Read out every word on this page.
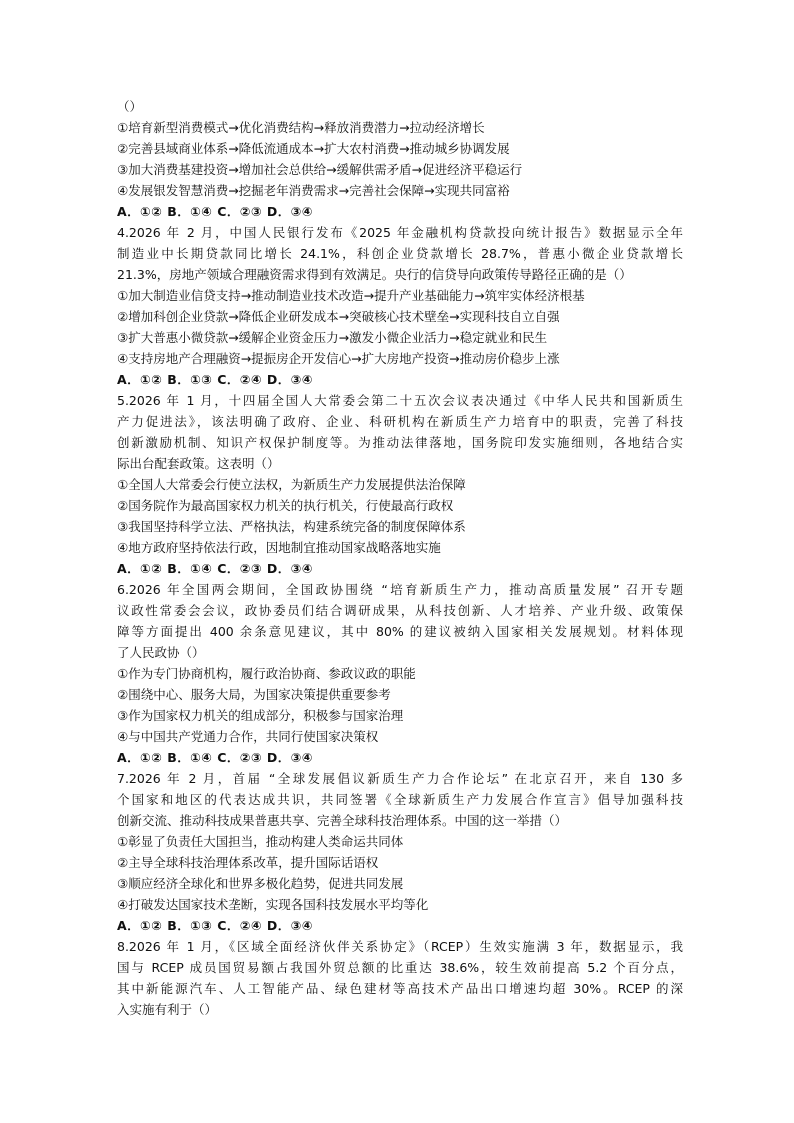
（）
①培育新型消费模式→优化消费结构→释放消费潜力→拉动经济增长
②完善县域商业体系→降低流通成本→扩大农村消费→推动城乡协调发展
③加大消费基建投资→增加社会总供给→缓解供需矛盾→促进经济平稳运行
④发展银发智慧消费→挖掘老年消费需求→完善社会保障→实现共同富裕
A．①② B．①④ C．②③ D．③④
4.2026 年 2 月，中国人民银行发布《2025 年金融机构贷款投向统计报告》数据显示全年
制造业中长期贷款同比增长 24.1%，科创企业贷款增长 28.7%，普惠小微企业贷款增长
21.3%，房地产领域合理融资需求得到有效满足。央行的信贷导向政策传导路径正确的是（）
①加大制造业信贷支持→推动制造业技术改造→提升产业基础能力→筑牢实体经济根基
②增加科创企业贷款→降低企业研发成本→突破核心技术壁垒→实现科技自立自强
③扩大普惠小微贷款→缓解企业资金压力→激发小微企业活力→稳定就业和民生
④支持房地产合理融资→提振房企开发信心→扩大房地产投资→推动房价稳步上涨
A．①② B．①③ C．②④ D．③④
5.2026 年 1 月，十四届全国人大常委会第二十五次会议表决通过《中华人民共和国新质生
产力促进法》，该法明确了政府、企业、科研机构在新质生产力培育中的职责，完善了科技
创新激励机制、知识产权保护制度等。为推动法律落地，国务院印发实施细则，各地结合实
际出台配套政策。这表明（）
①全国人大常委会行使立法权，为新质生产力发展提供法治保障
②国务院作为最高国家权力机关的执行机关，行使最高行政权
③我国坚持科学立法、严格执法，构建系统完备的制度保障体系
④地方政府坚持依法行政，因地制宜推动国家战略落地实施
A．①② B．①④ C．②③ D．③④
6.2026 年全国两会期间，全国政协围绕 “培育新质生产力，推动高质量发展” 召开专题
议政性常委会会议，政协委员们结合调研成果，从科技创新、人才培养、产业升级、政策保
障等方面提出 400 余条意见建议，其中 80% 的建议被纳入国家相关发展规划。材料体现
了人民政协（）
①作为专门协商机构，履行政治协商、参政议政的职能
②围绕中心、服务大局，为国家决策提供重要参考
③作为国家权力机关的组成部分，积极参与国家治理
④与中国共产党通力合作，共同行使国家决策权
A．①② B．①④ C．②③ D．③④
7.2026 年 2 月，首届 “全球发展倡议新质生产力合作论坛” 在北京召开，来自 130 多
个国家和地区的代表达成共识，共同签署《全球新质生产力发展合作宣言》倡导加强科技
创新交流、推动科技成果普惠共享、完善全球科技治理体系。中国的这一举措（）
①彰显了负责任大国担当，推动构建人类命运共同体
②主导全球科技治理体系改革，提升国际话语权
③顺应经济全球化和世界多极化趋势，促进共同发展
④打破发达国家技术垄断，实现各国科技发展水平均等化
A．①② B．①③ C．②④ D．③④
8.2026 年 1 月，《区域全面经济伙伴关系协定》（RCEP）生效实施满 3 年，数据显示，我
国与 RCEP 成员国贸易额占我国外贸总额的比重达 38.6%，较生效前提高 5.2 个百分点，
其中新能源汽车、人工智能产品、绿色建材等高技术产品出口增速均超 30%。RCEP 的深
入实施有利于（）
